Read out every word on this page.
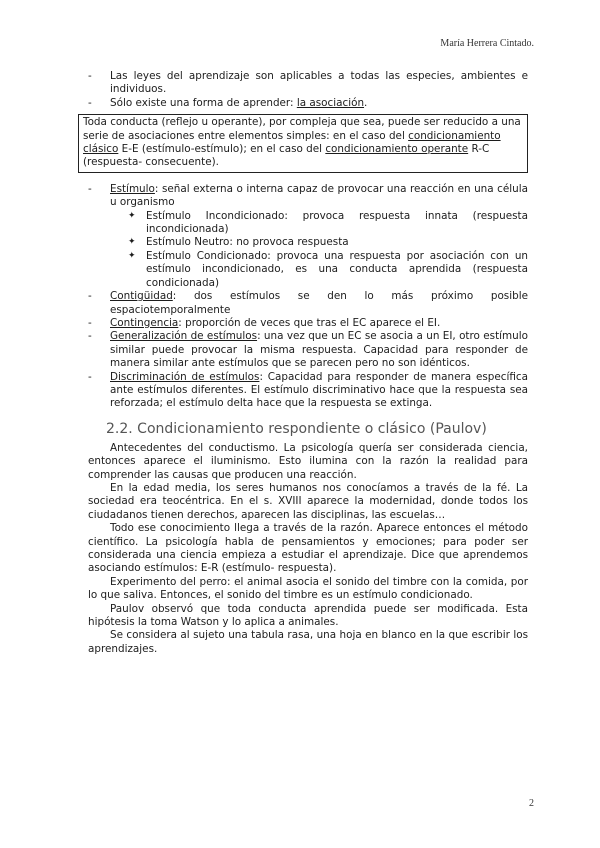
María Herrera Cintado.
- Las leyes del aprendizaje son aplicables a todas las especies, ambientes e individuos.
- Sólo existe una forma de aprender: la asociación.
Toda conducta (reflejo u operante), por compleja que sea, puede ser reducido a una serie de asociaciones entre elementos simples: en el caso del condicionamiento clásico E-E (estímulo-estímulo); en el caso del condicionamiento operante R-C (respuesta- consecuente).
- Estímulo: señal externa o interna capaz de provocar una reacción en una célula u organismo
✦ Estímulo Incondicionado: provoca respuesta innata (respuesta incondicionada)
✦ Estímulo Neutro: no provoca respuesta
✦ Estímulo Condicionado: provoca una respuesta por asociación con un estímulo incondicionado, es una conducta aprendida (respuesta condicionada)
- Contigüidad: dos estímulos se den lo más próximo posible espaciotemporalmente
- Contingencia: proporción de veces que tras el EC aparece el EI.
- Generalización de estímulos: una vez que un EC se asocia a un EI, otro estímulo similar puede provocar la misma respuesta. Capacidad para responder de manera similar ante estímulos que se parecen pero no son idénticos.
- Discriminación de estímulos: Capacidad para responder de manera específica ante estímulos diferentes. El estímulo discriminativo hace que la respuesta sea reforzada; el estímulo delta hace que la respuesta se extinga.
2.2. Condicionamiento respondiente o clásico (Paulov)
Antecedentes del conductismo. La psicología quería ser considerada ciencia, entonces aparece el iluminismo. Esto ilumina con la razón la realidad para comprender las causas que producen una reacción.
En la edad media, los seres humanos nos conocíamos a través de la fé. La sociedad era teocéntrica. En el s. XVIII aparece la modernidad, donde todos los ciudadanos tienen derechos, aparecen las disciplinas, las escuelas…
Todo ese conocimiento llega a través de la razón. Aparece entonces el método científico. La psicología habla de pensamientos y emociones; para poder ser considerada una ciencia empieza a estudiar el aprendizaje. Dice que aprendemos asociando estímulos: E-R (estímulo- respuesta).
Experimento del perro: el animal asocia el sonido del timbre con la comida, por lo que saliva. Entonces, el sonido del timbre es un estímulo condicionado.
Paulov observó que toda conducta aprendida puede ser modificada. Esta hipótesis la toma Watson y lo aplica a animales.
Se considera al sujeto una tabula rasa, una hoja en blanco en la que escribir los aprendizajes.
2
